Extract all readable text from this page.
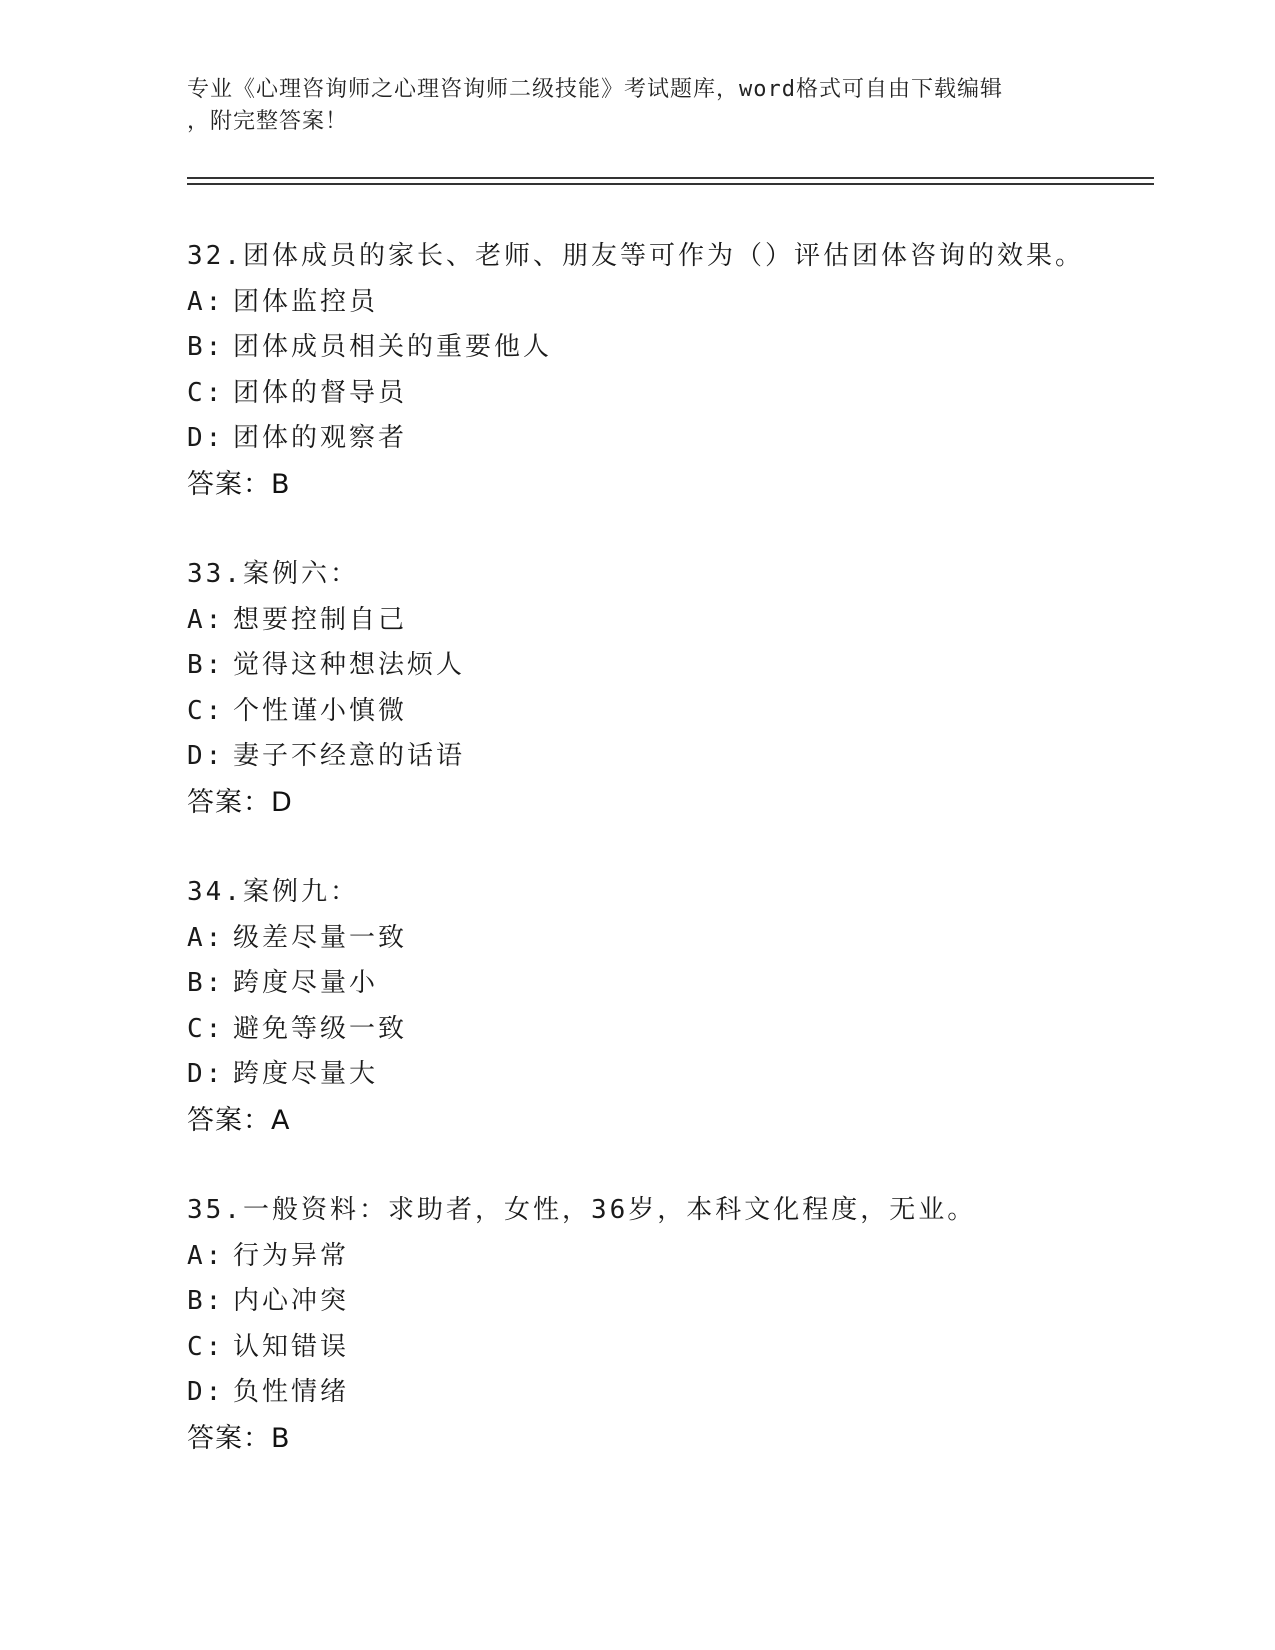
专业《心理咨询师之心理咨询师二级技能》考试题库，word格式可自由下载编辑
，附完整答案！
32.团体成员的家长、老师、朋友等可作为（）评估团体咨询的效果。
A: 团体监控员
B: 团体成员相关的重要他人
C: 团体的督导员
D: 团体的观察者
答案：B
33.案例六：
A: 想要控制自己
B: 觉得这种想法烦人
C: 个性谨小慎微
D: 妻子不经意的话语
答案：D
34.案例九：
A: 级差尽量一致
B: 跨度尽量小
C: 避免等级一致
D: 跨度尽量大
答案：A
35.一般资料：求助者，女性，36岁，本科文化程度，无业。
A: 行为异常
B: 内心冲突
C: 认知错误
D: 负性情绪
答案：B
